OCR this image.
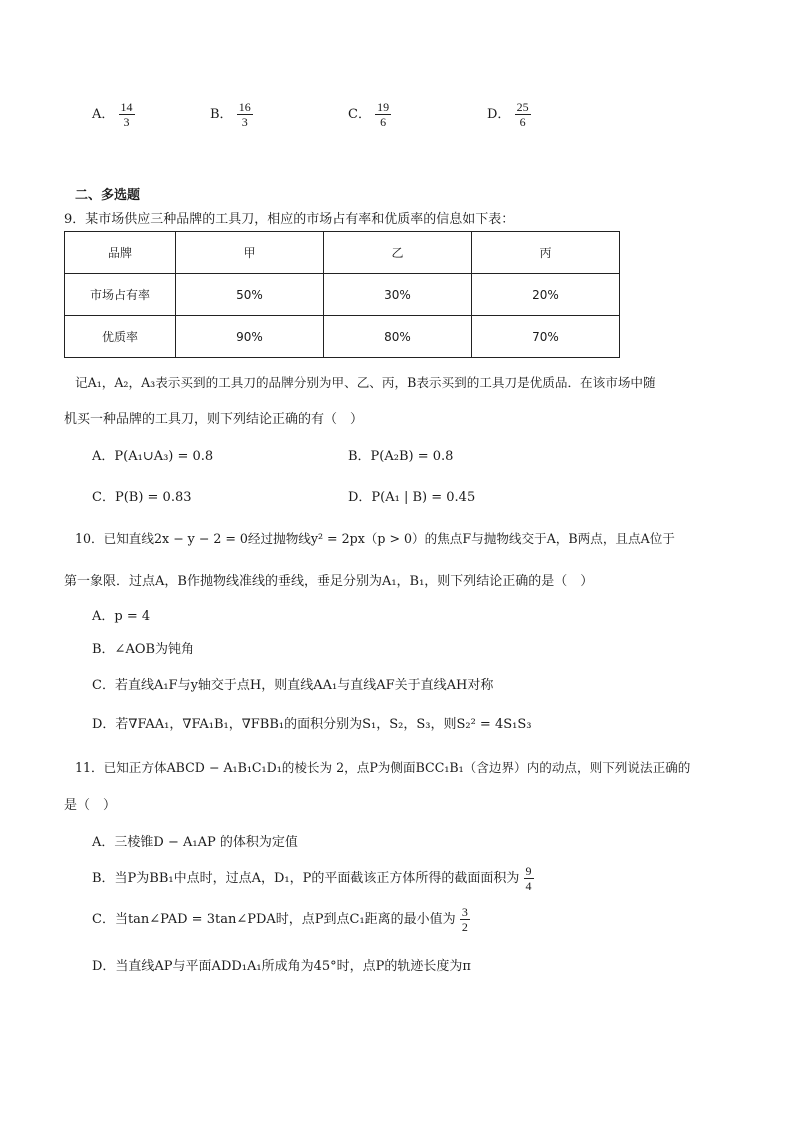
A． $\frac{14}{3}$	B． $\frac{16}{3}$	C． $\frac{19}{6}$	D． $\frac{25}{6}$
二、多选题
9．某市场供应三种品牌的工具刀，相应的市场占有率和优质率的信息如下表：
品牌	甲	乙	丙
市场占有率	50%	30%	20%
优质率	90%	80%	70%
记A₁，A₂，A₃表示买到的工具刀的品牌分别为甲、乙、丙，B表示买到的工具刀是优质品．在该市场中随
机买一种品牌的工具刀，则下列结论正确的有（　）
A．P(A₁∪A₃) = 0.8	B．P(A₂B) = 0.8
C．P(B) = 0.83	D．P(A₁ | B) = 0.45
10．已知直线2x − y − 2 = 0经过抛物线y² = 2px（p > 0）的焦点F与抛物线交于A，B两点，且点A位于
第一象限．过点A，B作抛物线准线的垂线，垂足分别为A₁，B₁，则下列结论正确的是（　）
A．p = 4
B．∠AOB为钝角
C．若直线A₁F与y轴交于点H，则直线AA₁与直线AF关于直线AH对称
D．若∇FAA₁，∇FA₁B₁，∇FBB₁的面积分别为S₁，S₂，S₃，则S₂² = 4S₁S₃
11．已知正方体ABCD − A₁B₁C₁D₁的棱长为 2，点P为侧面BCC₁B₁（含边界）内的动点，则下列说法正确的
是（　）
A．三棱锥D − A₁AP 的体积为定值
B．当P为BB₁中点时，过点A，D₁，P的平面截该正方体所得的截面面积为 $\frac{9}{4}$
C．当tan∠PAD = 3tan∠PDA时，点P到点C₁距离的最小值为 $\frac{3}{2}$
D．当直线AP与平面ADD₁A₁所成角为45°时，点P的轨迹长度为π
